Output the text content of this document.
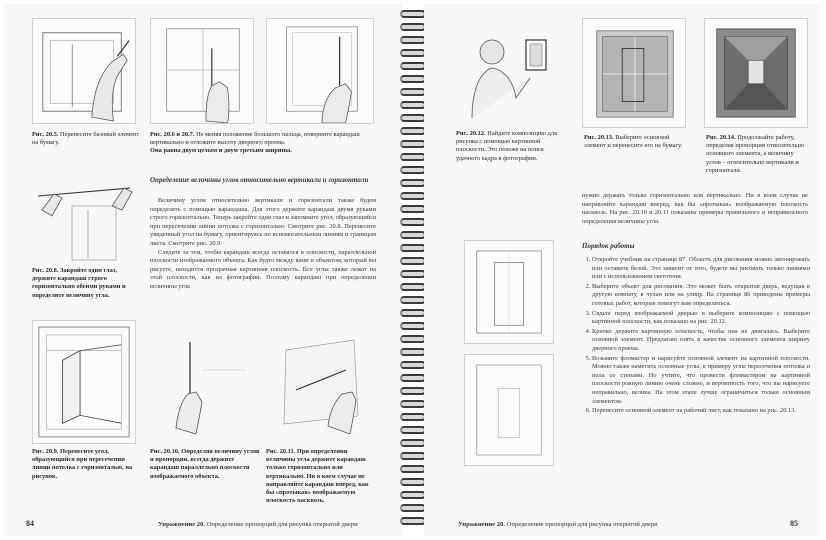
Рис. 20.5. Перенесите базовый элемент на бумагу.
Рис. 20.6 и 20.7. Не меняя положение большого пальца, поверните карандаш вертикально и отложите высоту дверного проема.
Она равна двум целым и двум третьим ширины.
Рис. 20.8. Закройте один глаз, держите карандаш строго горизонтально обеими руками и определите величину угла.
Определение величины углов относительно вертикали и горизонтали

Величину углов относительно вертикали и горизонтали также будем определять с помощью карандаша. Для этого держите карандаш двумя руками строго горизонтально. Теперь закройте один глаз и запомните угол, образующийся при пересечении линии потолка с горизонталью. Смотрите рис. 20.8. Перенесите увиденный угол на бумагу, ориентируясь по вспомогательным линиям и границам листа. Смотрите рис. 20.9.

Следите за тем, чтобы карандаш всегда оставался в плоскости, параллельной плоскости изображаемого объекта. Как будто между вами и объектом, который вы рисуете, находится прозрачная картинная плоскость. Все углы также лежат на этой плоскости, как на фотографии. Поэтому карандаш при определении величины угла

Рис. 20.9. Перенесите угол, образующийся при пересечении линии потолка с горизонталью, на рисунок.
Рис. 20.10. Определяя величину углов и пропорции, всегда держите карандаш параллельно плоскости изображаемого объекта.
Рис. 20.11. При определении величины угла держите карандаш только горизонтально или вертикально. Ни в коем случае не направляйте карандаш вперед, как бы «протыкая» воображаемую плоскость насквозь.
84	Упражнение 20. Определение пропорций для рисунка открытой двери
Рис. 20.12. Найдите композицию для рисунка с помощью картинной плоскости. Это похоже на поиск удачного кадра в фотографии.
Рис. 20.13. Выберите основной элемент и перенесите его на бумагу.
Рис. 20.14. Продолжайте работу, определяя пропорции относительно основного элемента, а величину углов – относительно вертикали и горизонтали.
нужно держать только горизонтально или вертикально. Ни в коем случае не направляйте карандаш вперед, как бы «протыкая» воображаемую плоскость насквозь. На рис. 20.10 и 20.11 показаны примеры правильного и неправильного определения величины угла.
Порядок работы
1. Откройте учебник на странице 87. Область для рисования можно затонировать или оставить белой. Это зависит от того, будете вы рисовать только линиями или с использованием светотени.
2. Выберите объект для рисования. Это может быть открытая дверь, ведущая в другую комнату, в чулан или на улицу. На странице 86 приведены примеры готовых работ, которые помогут вам определиться.
3. Сядьте перед изображаемой дверью и выберите композицию с помощью картинной плоскости, как показано на рис. 20.12.
4. Крепко держите картинную плоскость, чтобы она не двигалась. Выберите основной элемент. Предлагаю взять в качестве основного элемента ширину дверного проема.
5. Возьмите фломастер и нарисуйте основной элемент на картинной плоскости. Можно также наметить основные углы, к примеру углы пересечения потолка и пола со стенами. Но учтите, что провести фломастером на картинной плоскости ровную линию очень сложно, и вероятность того, что вы нарисуете неправильно, велика. На этом этапе лучше ограничиться только основным элементом.
6. Перенесите основной элемент на рабочий лист, как показано на рис. 20.13.
Упражнение 20. Определение пропорций для рисунка открытой двери	85
